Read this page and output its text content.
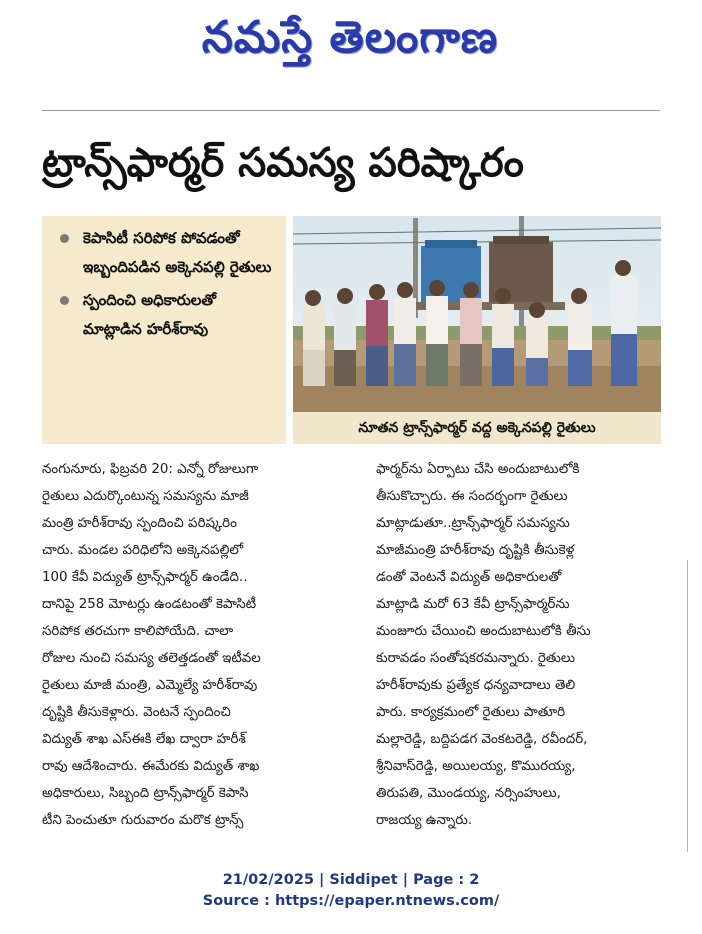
నమస్తే తెలంగాణ
ట్రాన్స్‌ఫార్మర్ సమస్య పరిష్కారం
కెపాసిటీ సరిపోక పోవడంతో ఇబ్బందిపడిన అక్కెనపల్లి రైతులు
స్పందించి అధికారులతో మాట్లాడిన హరీశ్‌రావు
నూతన ట్రాన్స్‌ఫార్మర్ వద్ద అక్కెనపల్లి రైతులు
నంగునూరు, ఫిబ్రవరి 20: ఎన్నో రోజులుగా
రైతులు ఎదుర్కొంటున్న సమస్యను మాజీ
మంత్రి హరీశ్‌రావు స్పందించి పరిష్కరిం
చారు. మండల పరిధిలోని అక్కెనపల్లిలో
100 కేవీ విద్యుత్ ట్రాన్స్‌ఫార్మర్ ఉండేది..
దానిపై 258 మోటర్లు ఉండటంతో కెపాసిటీ
సరిపోక తరచుగా కాలిపోయేది. చాలా
రోజుల నుంచి సమస్య తలెత్తడంతో ఇటీవల
రైతులు మాజీ మంత్రి, ఎమ్మెల్యే హరీశ్‌రావు
దృష్టికి తీసుకెళ్లారు. వెంటనే స్పందించి
విద్యుత్ శాఖ ఎస్ఈకి లేఖ ద్వారా హరీశ్
రావు ఆదేశించారు. ఈమేరకు విద్యుత్ శాఖ
అధికారులు, సిబ్బంది ట్రాన్స్‌ఫార్మర్ కెపాసి
టీని పెంచుతూ గురువారం మరొక ట్రాన్స్
ఫార్మర్‌ను ఏర్పాటు చేసి అందుబాటులోకి
తీసుకొచ్చారు. ఈ సందర్భంగా రైతులు
మాట్లాడుతూ..ట్రాన్స్‌ఫార్మర్ సమస్యను
మాజీమంత్రి హరీశ్‌రావు దృష్టికి తీసుకెళ్ల
డంతో వెంటనే విద్యుత్ అధికారులతో
మాట్లాడి మరో 63 కేవీ ట్రాన్స్‌ఫార్మర్‌ను
మంజూరు చేయించి అందుబాటులోకి తీసు
కురావడం సంతోషకరమన్నారు. రైతులు
హరీశ్‌రావుకు ప్రత్యేక ధన్యవాదాలు తెలి
పారు. కార్యక్రమంలో రైతులు పాతూరి
మల్లారెడ్డి, బద్దిపడగ వెంకటరెడ్డి, రవీందర్,
శ్రీనివాస్‌రెడ్డి, అయిలయ్య, కొమురయ్య,
తిరుపతి, మొండయ్య, నర్సింహులు,
రాజయ్య ఉన్నారు.
21/02/2025 | Siddipet | Page : 2
Source : https://epaper.ntnews.com/
